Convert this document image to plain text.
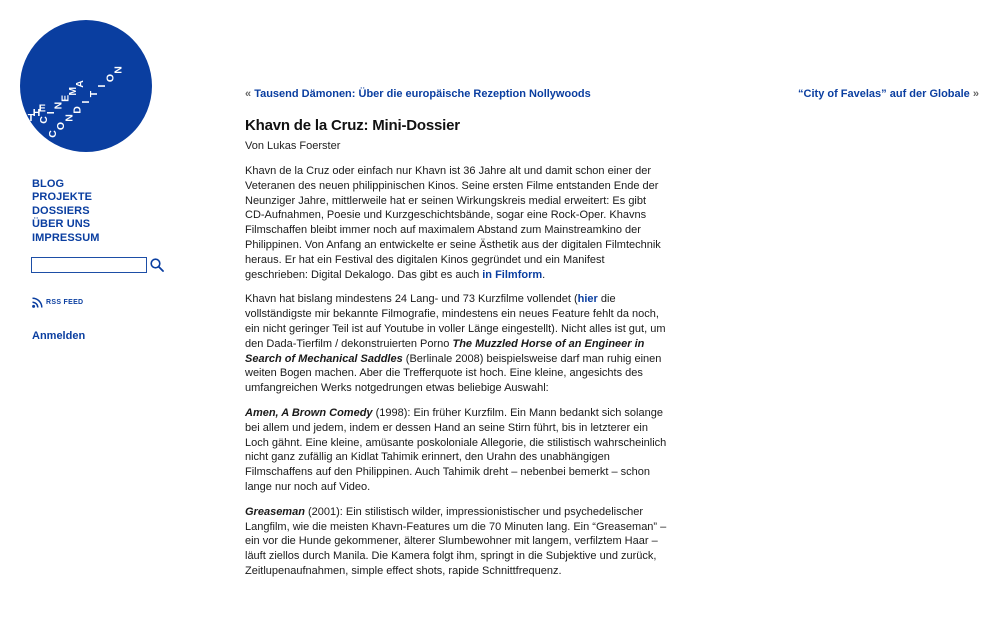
T
H
E
C
I
N
E
M
A
C
O
N
D
I
T
I
O
N
BLOG
PROJEKTE
DOSSIERS
ÜBER UNS
IMPRESSUM
RSS FEED
Anmelden
« Tausend Dämonen: Über die europäische Rezeption Nollywoods	“City of Favelas” auf der Globale »
Khavn de la Cruz: Mini-Dossier

Von Lukas Foerster

Khavn de la Cruz oder einfach nur Khavn ist 36 Jahre alt und damit schon einer der Veteranen des neuen philippinischen Kinos. Seine ersten Filme entstanden Ende der Neunziger Jahre, mittlerweile hat er seinen Wirkungskreis medial erweitert: Es gibt CD-Aufnahmen, Poesie und Kurzgeschichtsbände, sogar eine Rock-Oper. Khavns Filmschaffen bleibt immer noch auf maximalem Abstand zum Mainstreamkino der Philippinen. Von Anfang an entwickelte er seine Ästhetik aus der digitalen Filmtechnik heraus. Er hat ein Festival des digitalen Kinos gegründet und ein Manifest geschrieben: Digital Dekalogo. Das gibt es auch in Filmform.

Khavn hat bislang mindestens 24 Lang- und 73 Kurzfilme vollendet (hier die vollständigste mir bekannte Filmografie, mindestens ein neues Feature fehlt da noch, ein nicht geringer Teil ist auf Youtube in voller Länge eingestellt). Nicht alles ist gut, um den Dada-Tierfilm / dekonstruierten Porno The Muzzled Horse of an Engineer in Search of Mechanical Saddles (Berlinale 2008) beispielsweise darf man ruhig einen weiten Bogen machen. Aber die Trefferquote ist hoch. Eine kleine, angesichts des umfangreichen Werks notgedrungen etwas beliebige Auswahl:

Amen, A Brown Comedy (1998): Ein früher Kurzfilm. Ein Mann bedankt sich solange bei allem und jedem, indem er dessen Hand an seine Stirn führt, bis in letzterer ein Loch gähnt. Eine kleine, amüsante poskoloniale Allegorie, die stilistisch wahrscheinlich nicht ganz zufällig an Kidlat Tahimik erinnert, den Urahn des unabhängigen Filmschaffens auf den Philippinen. Auch Tahimik dreht – nebenbei bemerkt – schon lange nur noch auf Video.

Greaseman (2001): Ein stilistisch wilder, impressionistischer und psychedelischer Langfilm, wie die meisten Khavn-Features um die 70 Minuten lang. Ein “Greaseman” – ein vor die Hunde gekommener, älterer Slumbewohner mit langem, verfilztem Haar – läuft ziellos durch Manila. Die Kamera folgt ihm, springt in die Subjektive und zurück, Zeitlupenaufnahmen, simple effect shots, rapide Schnittfrequenz.
